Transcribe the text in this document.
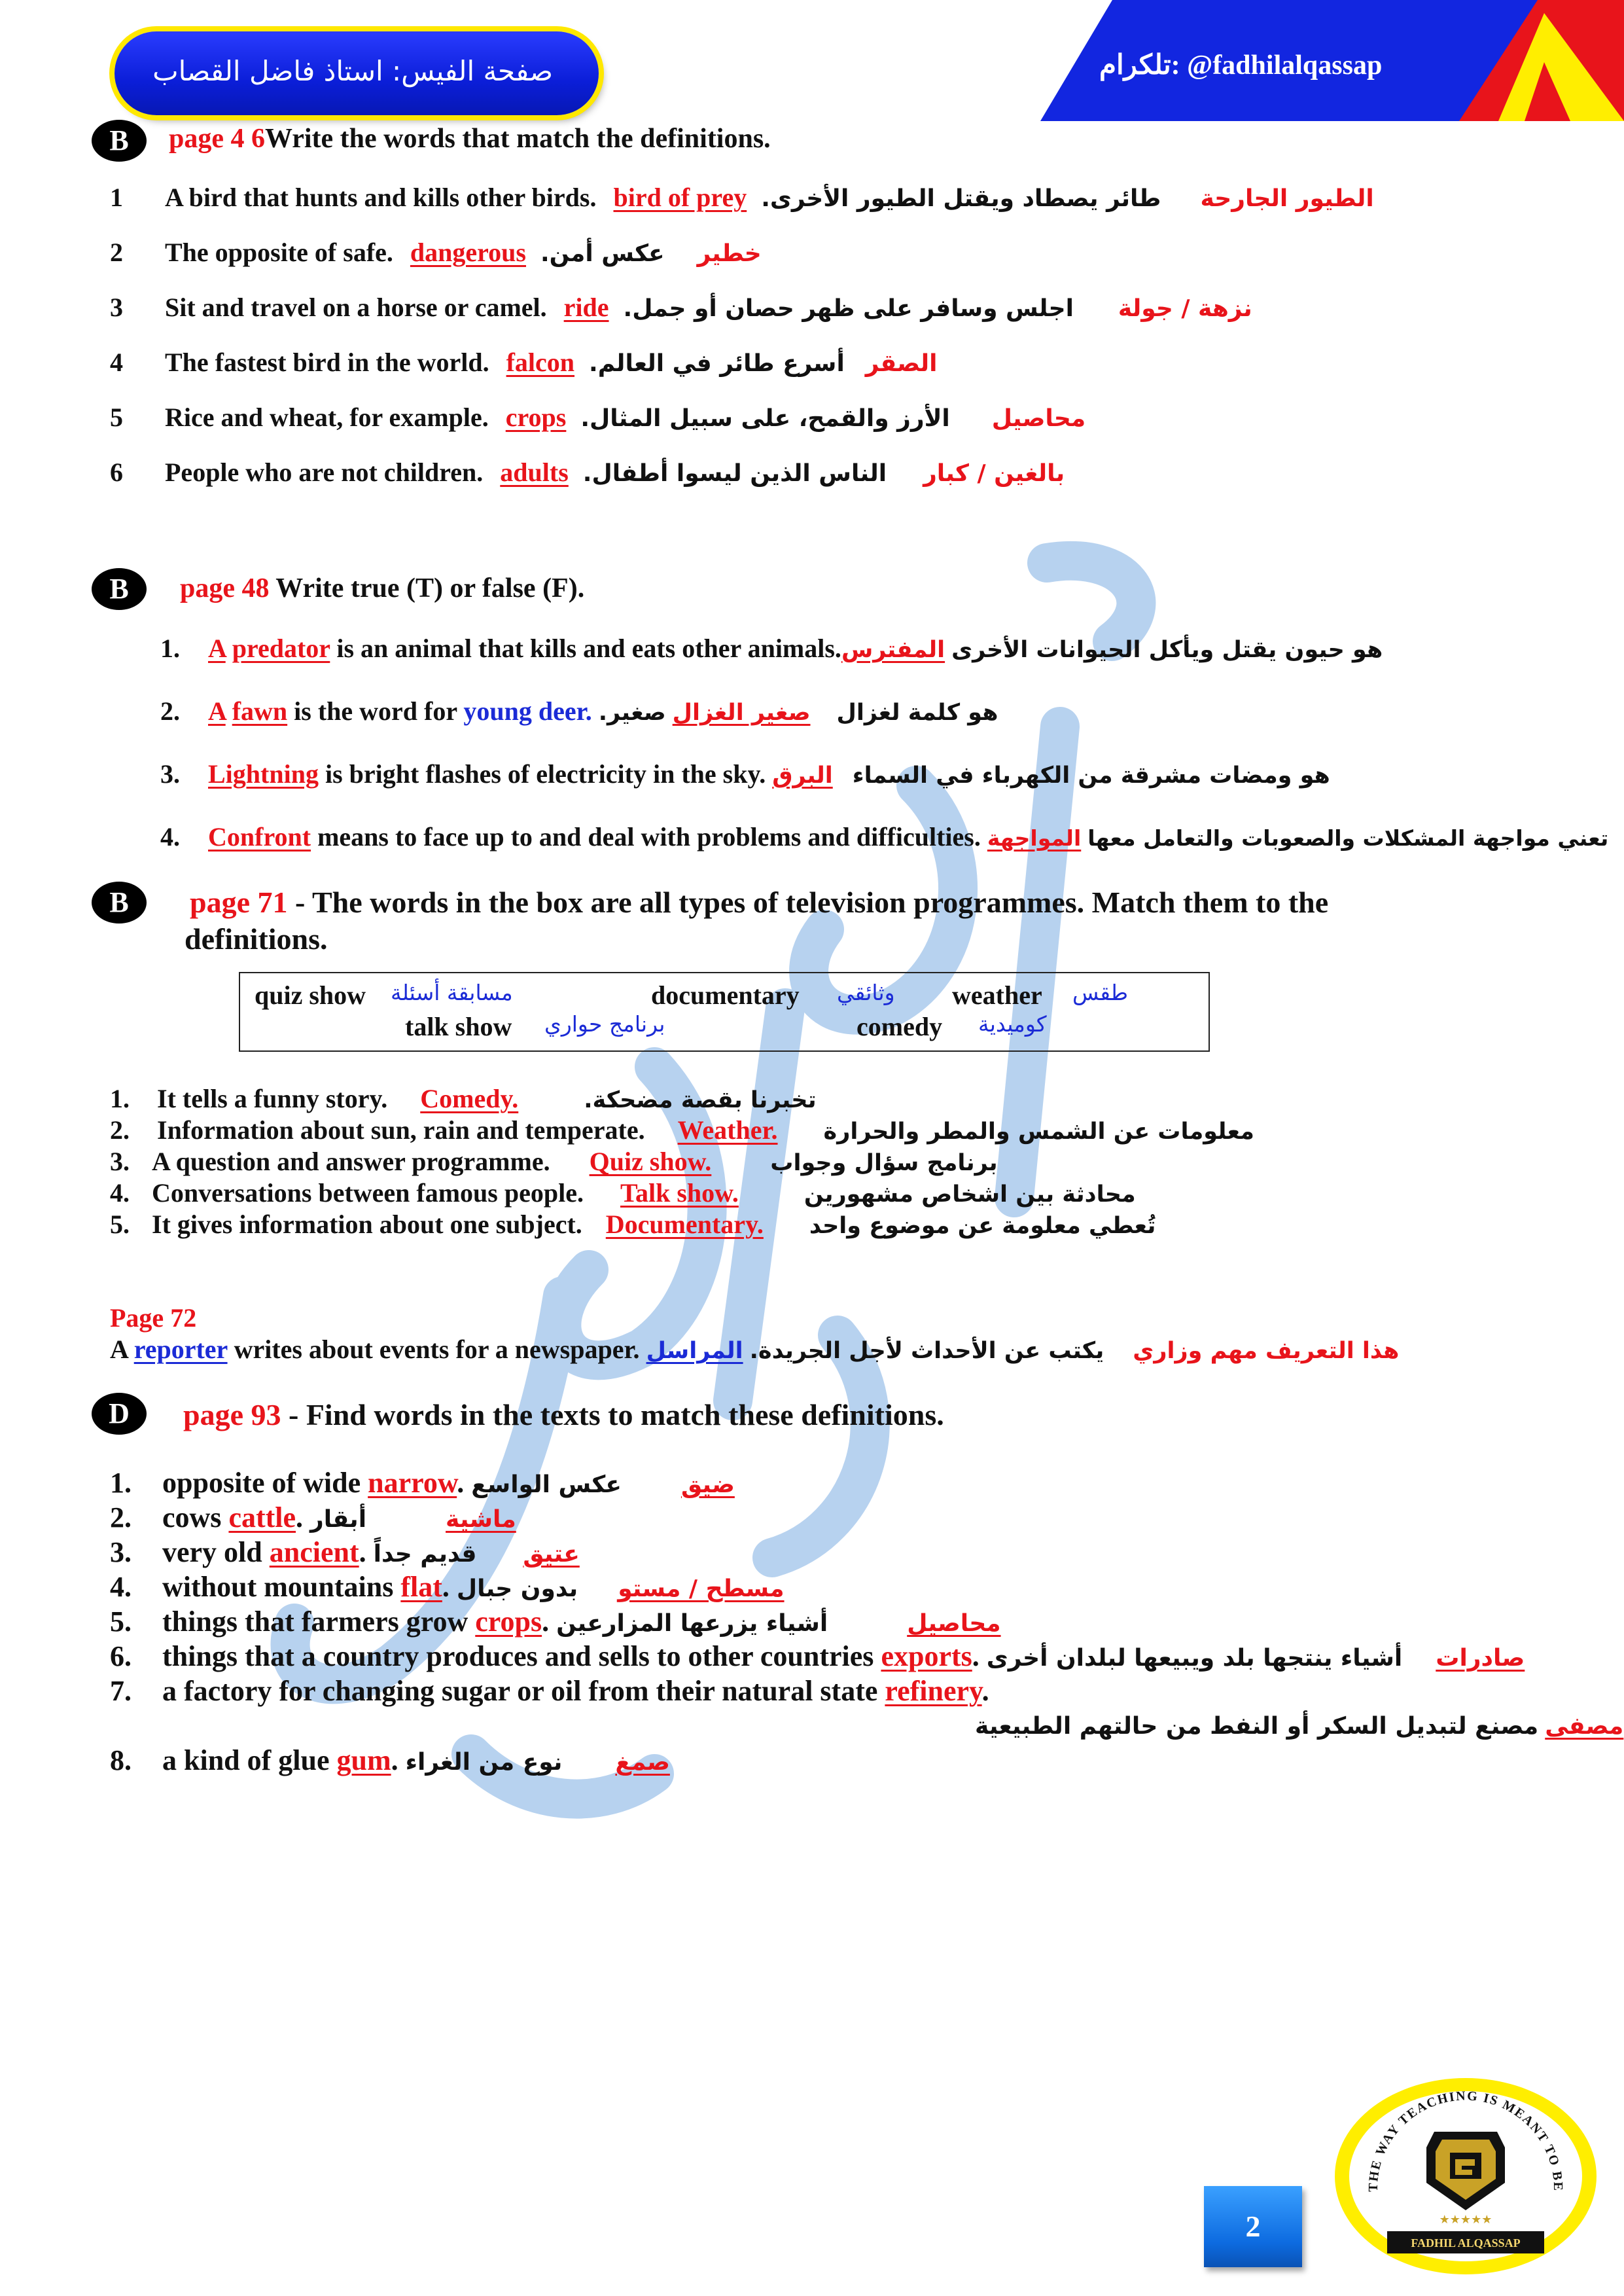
صفحة الفيس: استاذ فاضل القصاب	تلكرام: @fadhilalqassap
B	page 4 6Write the words that match the definitions.
1 A bird that hunts and kills other birds. bird of prey	الطيور الجارحة طائر يصطاد ويقتل الطيور الأخرى.
2 The opposite of safe. dangerous	خطير عكس أمن.
3 Sit and travel on a horse or camel. ride	نزهة / جولة اجلس وسافر على ظهر حصان أو جمل.
4 The fastest bird in the world. falcon	الصقر أسرع طائر في العالم.
5 Rice and wheat, for example. crops	محاصيل الأرز والقمح، على سبيل المثال.
6 People who are not children. adults	بالغين / كبار الناس الذين ليسوا أطفال.
B	page 48 Write true (T) or false (F).
1. A predator is an animal that kills and eats other animals.	هو حيون يقتل ويأكل الحيوانات الأخرى المفترس
2. A fawn is the word for young deer.	هو كلمة لغزال صغير الغزال صغير.
3. Lightning is bright flashes of electricity in the sky.	هو ومضات مشرقة من الكهرباء في السماء البرق
4. Confront means to face up to and deal with problems and difficulties.	تعني مواجهة المشكلات والصعوبات والتعامل معها المواجهة
B	page 71 - The words in the box are all types of television programmes. Match them to the
definitions.
quiz show مسابقة أسئلة	documentary وثائقي weather طقس
talk show برنامج حواري	comedy كوميدية
1. It tells a funny story. Comedy.	تخبرنا بقصة مضحكة.
2. Information about sun, rain and temperate. Weather. معلومات عن الشمس والمطر والحرارة
3. A question and answer programme. Quiz show.	برنامج سؤال وجواب
4. Conversations between famous people. Talk show.	محادثة بين اشخاص مشهورين
5. It gives information about one subject. Documentary. تُعطي معلومة عن موضوع واحد
Page 72
A reporter writes about events for a newspaper.	هذا التعريف مهم وزاري يكتب عن الأحداث لأجل الجريدة. المراسل
D	page 93 - Find words in the texts to match these definitions.
1. opposite of wide narrow.	ضيق عكس الواسع
2. cows cattle.	ماشية أبقار
3. very old ancient.	عتيق قديم جداً
4. without mountains flat.	مسطح / مستو بدون جبال
5. things that farmers grow crops.	محاصيل أشياء يزرعها المزارعين
6. things that a country produces and sells to other countries exports.	صادرات أشياء ينتجها بلد ويبيعها لبلدان أخرى
7. a factory for changing sugar or oil from their natural state refinery.
مصفى مصنع لتبديل السكر أو النفط من حالتهم الطبيعية
8. a kind of glue gum.	صمغ نوع من الغراء
2
THE WAY TEACHING IS MEANT TO BE
★★★★★
FADHIL ALQASSAP
